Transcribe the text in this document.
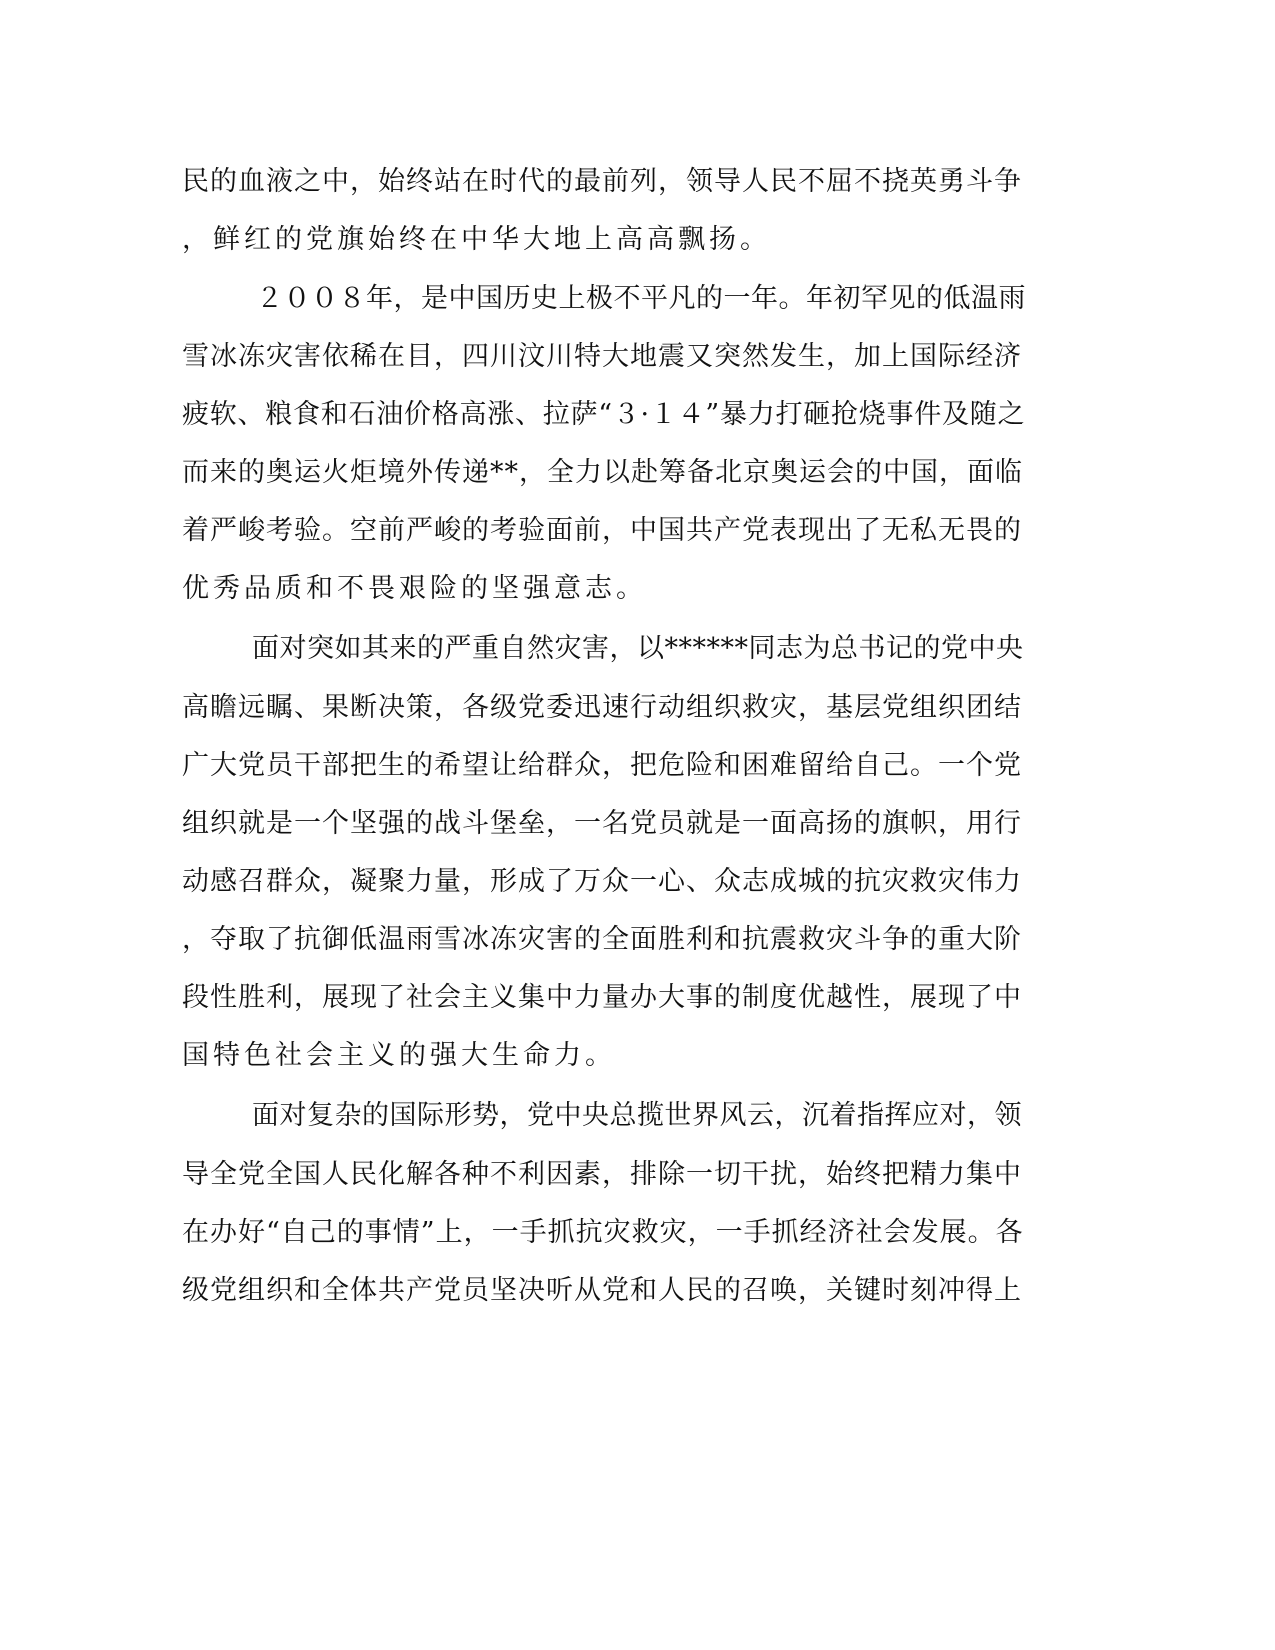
民的血液之中，始终站在时代的最前列，领导人民不屈不挠英勇斗争
，鲜红的党旗始终在中华大地上高高飘扬。
２００８年，是中国历史上极不平凡的一年。年初罕见的低温雨
雪冰冻灾害依稀在目，四川汶川特大地震又突然发生，加上国际经济
疲软、粮食和石油价格高涨、拉萨“３·１４”暴力打砸抢烧事件及随之
而来的奥运火炬境外传递**，全力以赴筹备北京奥运会的中国，面临
着严峻考验。空前严峻的考验面前，中国共产党表现出了无私无畏的
优秀品质和不畏艰险的坚强意志。
面对突如其来的严重自然灾害，以******同志为总书记的党中央
高瞻远瞩、果断决策，各级党委迅速行动组织救灾，基层党组织团结
广大党员干部把生的希望让给群众，把危险和困难留给自己。一个党
组织就是一个坚强的战斗堡垒，一名党员就是一面高扬的旗帜，用行
动感召群众，凝聚力量，形成了万众一心、众志成城的抗灾救灾伟力
，夺取了抗御低温雨雪冰冻灾害的全面胜利和抗震救灾斗争的重大阶
段性胜利，展现了社会主义集中力量办大事的制度优越性，展现了中
国特色社会主义的强大生命力。
面对复杂的国际形势，党中央总揽世界风云，沉着指挥应对，领
导全党全国人民化解各种不利因素，排除一切干扰，始终把精力集中
在办好“自己的事情”上，一手抓抗灾救灾，一手抓经济社会发展。各
级党组织和全体共产党员坚决听从党和人民的召唤，关键时刻冲得上
